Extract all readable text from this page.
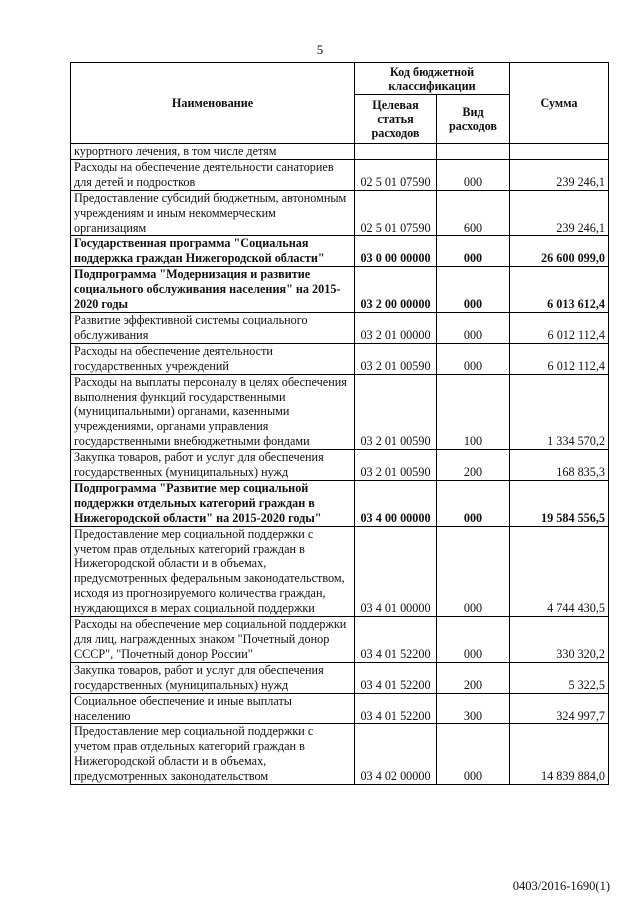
5
Наименование	Код бюджетной классификации		Сумма
	Целевая статья расходов	Вид расходов	
курортного лечения, в том числе детям			
Расходы на обеспечение деятельности санаториев для детей и подростков	02 5 01 07590	000	239 246,1
Предоставление субсидий бюджетным, автономным учреждениям и иным некоммерческим организациям	02 5 01 07590	600	239 246,1
Государственная программа "Социальная поддержка граждан Нижегородской области"	03 0 00 00000	000	26 600 099,0
Подпрограмма "Модернизация и развитие социального обслуживания населения" на 2015-2020 годы	03 2 00 00000	000	6 013 612,4
Развитие эффективной системы социального обслуживания	03 2 01 00000	000	6 012 112,4
Расходы на обеспечение деятельности государственных учреждений	03 2 01 00590	000	6 012 112,4
Расходы на выплаты персоналу в целях обеспечения выполнения функций государственными (муниципальными) органами, казенными учреждениями, органами управления государственными внебюджетными фондами	03 2 01 00590	100	1 334 570,2
Закупка товаров, работ и услуг для обеспечения государственных (муниципальных) нужд	03 2 01 00590	200	168 835,3
Подпрограмма "Развитие мер социальной поддержки отдельных категорий граждан в Нижегородской области" на 2015-2020 годы"	03 4 00 00000	000	19 584 556,5
Предоставление мер социальной поддержки с учетом прав отдельных категорий граждан в Нижегородской области и в объемах, предусмотренных федеральным законодательством, исходя из прогнозируемого количества граждан, нуждающихся в мерах социальной поддержки	03 4 01 00000	000	4 744 430,5
Расходы на обеспечение мер социальной поддержки для лиц, награжденных знаком "Почетный донор СССР", "Почетный донор России"	03 4 01 52200	000	330 320,2
Закупка товаров, работ и услуг для обеспечения государственных (муниципальных) нужд	03 4 01 52200	200	5 322,5
Социальное обеспечение и иные выплаты населению	03 4 01 52200	300	324 997,7
Предоставление мер социальной поддержки с учетом прав отдельных категорий граждан в Нижегородской области и в объемах, предусмотренных законодательством	03 4 02 00000	000	14 839 884,0
0403/2016-1690(1)
